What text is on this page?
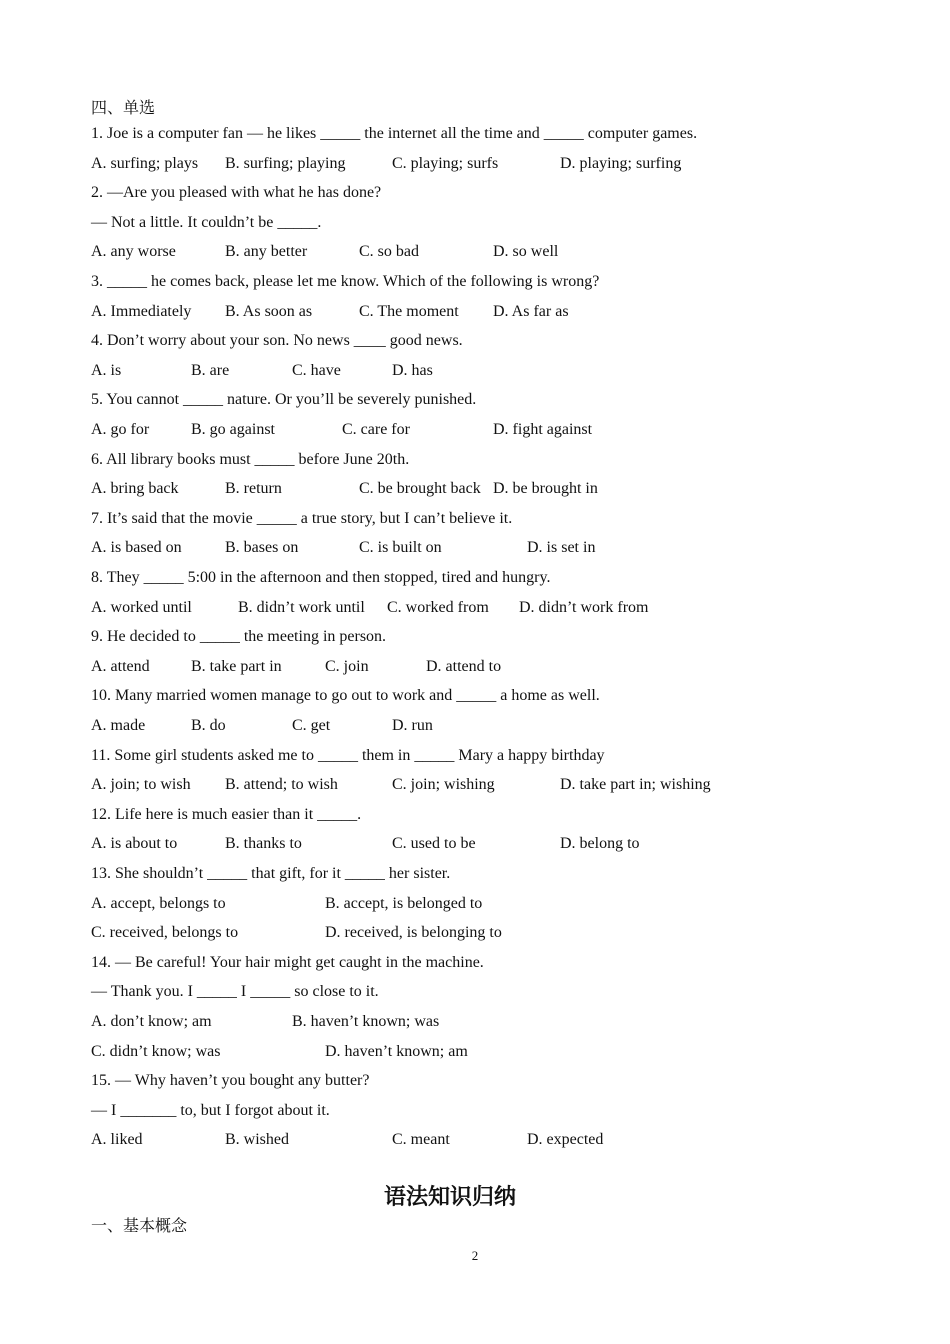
四、单选
1. Joe is a computer fan — he likes _____ the internet all the time and _____ computer games.
A. surfing; plays B. surfing; playing	C. playing; surfs	D. playing; surfing
2. —Are you pleased with what he has done?
— Not a little. It couldn’t be _____.
A. any worse	B. any better	C. so bad	D. so well
3. _____ he comes back, please let me know. Which of the following is wrong?
A. Immediately B. As soon as	C. The moment D. As far as
4. Don’t worry about your son. No news ____ good news.
A. is	B. are	C. have	D. has
5. You cannot _____ nature. Or you’ll be severely punished.
A. go for	B. go against	C. care for	D. fight against
6. All library books must _____ before June 20th.
A. bring back	B. return	C. be brought back D. be brought in
7. It’s said that the movie _____ a true story, but I can’t believe it.
A. is based on	B. bases on	C. is built on	D. is set in
8. They _____ 5:00 in the afternoon and then stopped, tired and hungry.
A. worked until	B. didn’t work until C. worked from D. didn’t work from
9. He decided to _____ the meeting in person.
A. attend	B. take part in	C. join	D. attend to
10. Many married women manage to go out to work and _____ a home as well.
A. made	B. do	C. get	D. run
11. Some girl students asked me to _____ them in _____ Mary a happy birthday
A. join; to wish B. attend; to wish	C. join; wishing	D. take part in; wishing
12. Life here is much easier than it _____.
A. is about to	B. thanks to	C. used to be	D. belong to
13. She shouldn’t _____ that gift, for it _____ her sister.
A. accept, belongs to	B. accept, is belonged to
C. received, belongs to	D. received, is belonging to
14. — Be careful! Your hair might get caught in the machine.
— Thank you. I _____ I _____ so close to it.
A. don’t know; am	B. haven’t known; was
C. didn’t know; was	D. haven’t known; am
15. — Why haven’t you bought any butter?
— I _______ to, but I forgot about it.
A. liked	B. wished	C. meant	D. expected
一、基本概念
语法知识归纳
2
